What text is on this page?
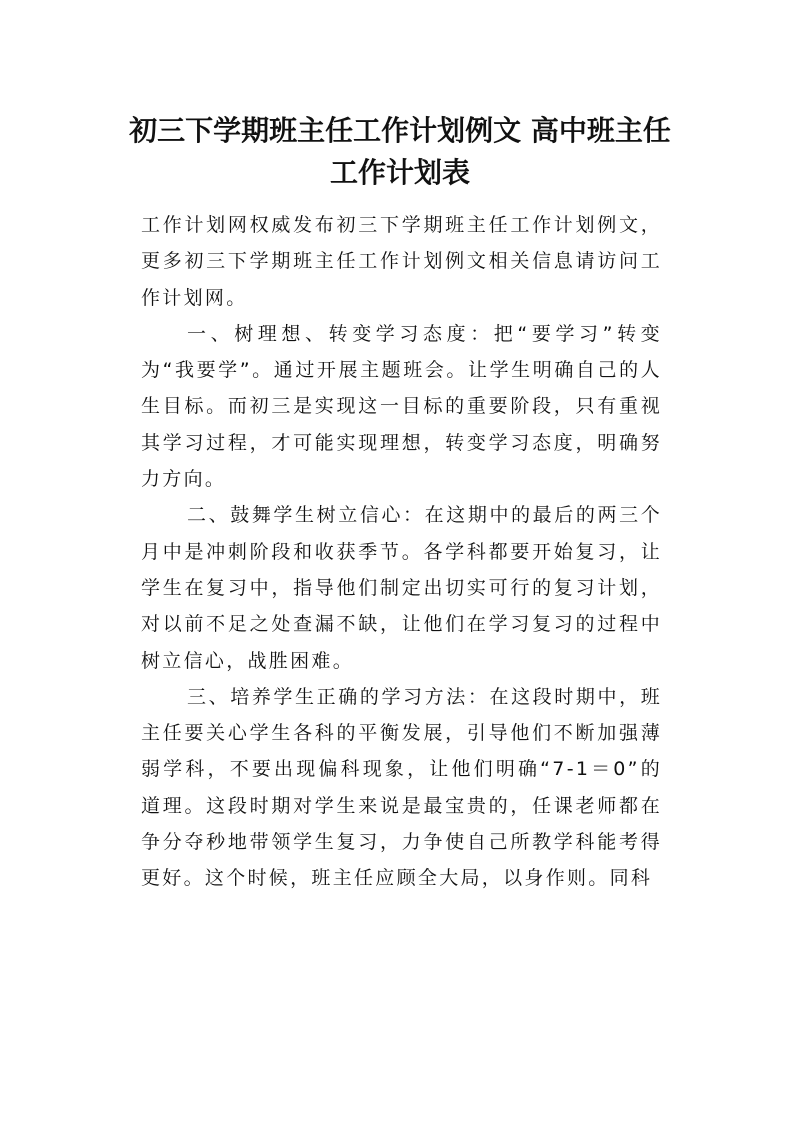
初三下学期班主任工作计划例文 高中班主任工作计划表

工作计划网权威发布初三下学期班主任工作计划例文，更多初三下学期班主任工作计划例文相关信息请访问工作计划网。

一、树理想、转变学习态度：把“要学习”转变为“我要学”。通过开展主题班会。让学生明确自己的人生目标。而初三是实现这一目标的重要阶段，只有重视其学习过程，才可能实现理想，转变学习态度，明确努力方向。

二、鼓舞学生树立信心：在这期中的最后的两三个月中是冲刺阶段和收获季节。各学科都要开始复习，让学生在复习中，指导他们制定出切实可行的复习计划，对以前不足之处查漏不缺，让他们在学习复习的过程中树立信心，战胜困难。

三、培养学生正确的学习方法：在这段时期中，班主任要关心学生各科的平衡发展，引导他们不断加强薄弱学科，不要出现偏科现象，让他们明确“7-1＝0”的道理。这段时期对学生来说是最宝贵的，任课老师都在争分夺秒地带领学生复习，力争使自己所教学科能考得更好。这个时候，班主任应顾全大局，以身作则。同科
